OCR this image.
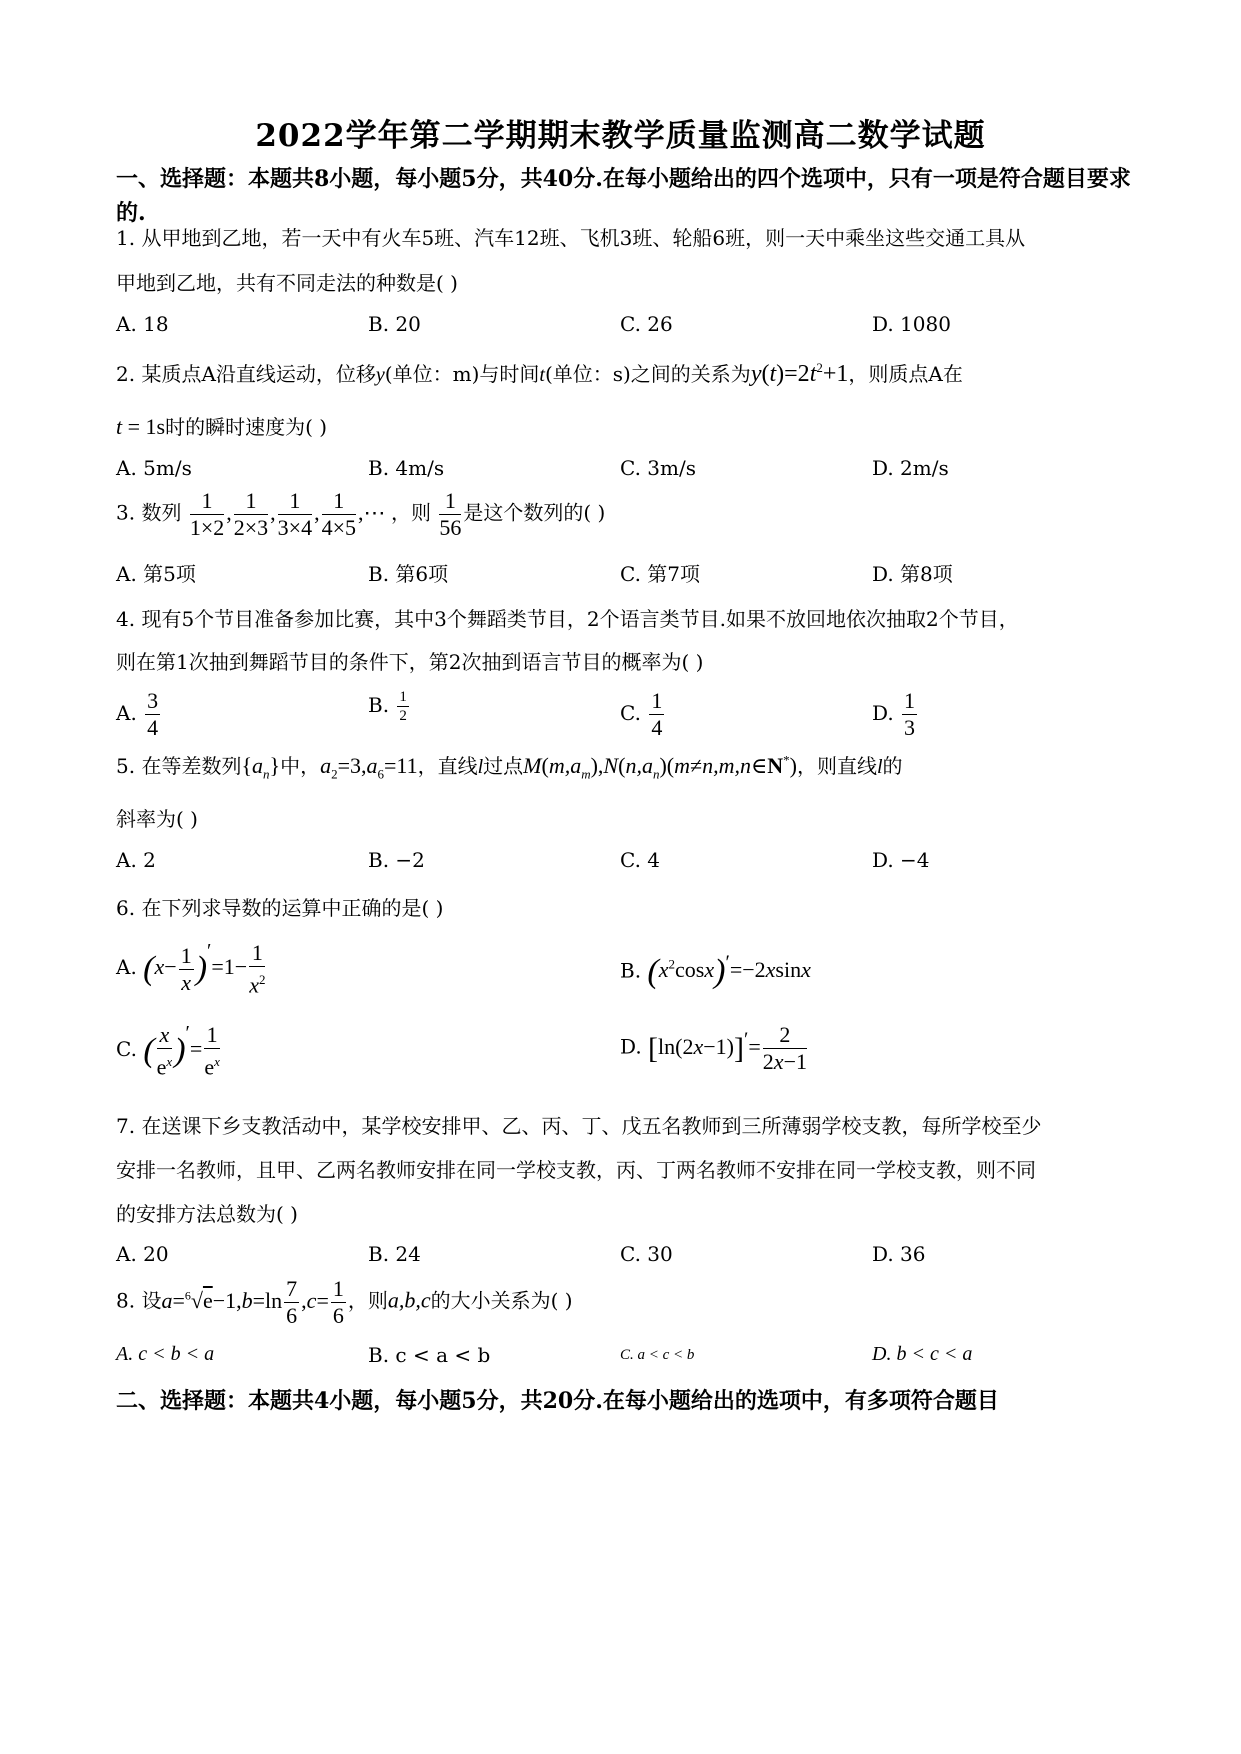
2022学年第二学期期末教学质量监测高二数学试题
一、选择题：本题共8小题，每小题5分，共40分.在每小题给出的四个选项中，只有一项是符合题目要求的.
1. 从甲地到乙地，若一天中有火车5班、汽车12班、飞机3班、轮船6班，则一天中乘坐这些交通工具从
甲地到乙地，共有不同走法的种数是( )
A. 18	B. 20	C. 26	D. 1080
2. 某质点A沿直线运动，位移y(单位：m)与时间t(单位：s)之间的关系为$y(t)=2t^2+1$，则质点A在
t = 1s时的瞬时速度为( )
A. 5m/s	B. 4m/s	C. 3m/s	D. 2m/s
3. 数列 $\frac{1}{1\times 2}$ , $\frac{1}{2\times 3}$ , $\frac{1}{3\times 4}$ , $\frac{1}{4\times 5}$ ,⋯ ，则 $\frac{1}{56}$ 是这个数列的( )
A. 第5项	B. 第6项	C. 第7项	D. 第8项
4. 现有5个节目准备参加比赛，其中3个舞蹈类节目，2个语言类节目.如果不放回地依次抽取2个节目，
则在第1次抽到舞蹈节目的条件下，第2次抽到语言节目的概率为( )
A. $\frac{3}{4}$	B. $\frac{1}{2}$	C. $\frac{1}{4}$	D. $\frac{1}{3}$
5. 在等差数列$\{a_n\}$中，$a_2=3,a_6=11$，直线l过点$M(m,a_m),N(n,a_n)(m\ne n,m,n\in N^*)$，则直线l的
斜率为( )
A. 2	B. −2	C. 4	D. −4
6. 在下列求导数的运算中正确的是( )
A. $(x- \frac{1}{x} )'=1- \frac{1}{x^2}$	B. $(x^2\cos x)'=-2xsinx$
C. ( $\frac{x}{e^x} )'= \frac{1}{e^x}$	D. $[\ln(2x-1)]'= \frac{2}{2x-1}$
7. 在送课下乡支教活动中，某学校安排甲、乙、丙、丁、戊五名教师到三所薄弱学校支教，每所学校至少
安排一名教师，且甲、乙两名教师安排在同一学校支教，丙、丁两名教师不安排在同一学校支教，则不同
的安排方法总数为( )
A. 20	B. 24	C. 30	D. 36
8. 设$a=^6√e-1,b=\ln \frac{7}{6} ,c= \frac{1}{6}$ ，则a,b,c的大小关系为( )
A. c < b < a	B. c < a < b	C. a < c < b	D. b < c < a
二、选择题：本题共4小题，每小题5分，共20分.在每小题给出的选项中，有多项符合题目
